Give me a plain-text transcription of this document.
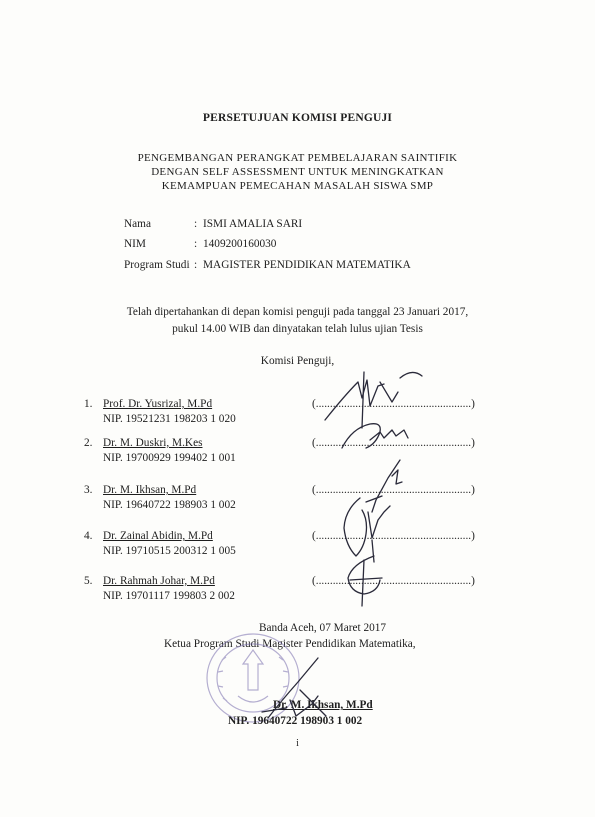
PERSETUJUAN KOMISI PENGUJI
PENGEMBANGAN PERANGKAT PEMBELAJARAN SAINTIFIK
DENGAN SELF ASSESSMENT UNTUK MENINGKATKAN
KEMAMPUAN PEMECAHAN MASALAH SISWA SMP
Nama	: ISMI AMALIA SARI
NIM	: 1409200160030
Program Studi : MAGISTER PENDIDIKAN MATEMATIKA
Telah dipertahankan di depan komisi penguji pada tanggal 23 Januari 2017,
pukul 14.00 WIB dan dinyatakan telah lulus ujian Tesis
Komisi Penguji,
1. Prof. Dr. Yusrizal, M.Pd
NIP. 19521231 198203 1 020
(.......................................................)
2. Dr. M. Duskri, M.Kes
NIP. 19700929 199402 1 001
(.......................................................)
3. Dr. M. Ikhsan, M.Pd
NIP. 19640722 198903 1 002
(.......................................................)
4. Dr. Zainal Abidin, M.Pd
NIP. 19710515 200312 1 005
(.......................................................)
5. Dr. Rahmah Johar, M.Pd
NIP. 19701117 199803 2 002
(.......................................................)
Banda Aceh, 07 Maret 2017
Ketua Program Studi Magister Pendidikan Matematika,
Dr. M. Ikhsan, M.Pd
NIP. 19640722 198903 1 002
i
